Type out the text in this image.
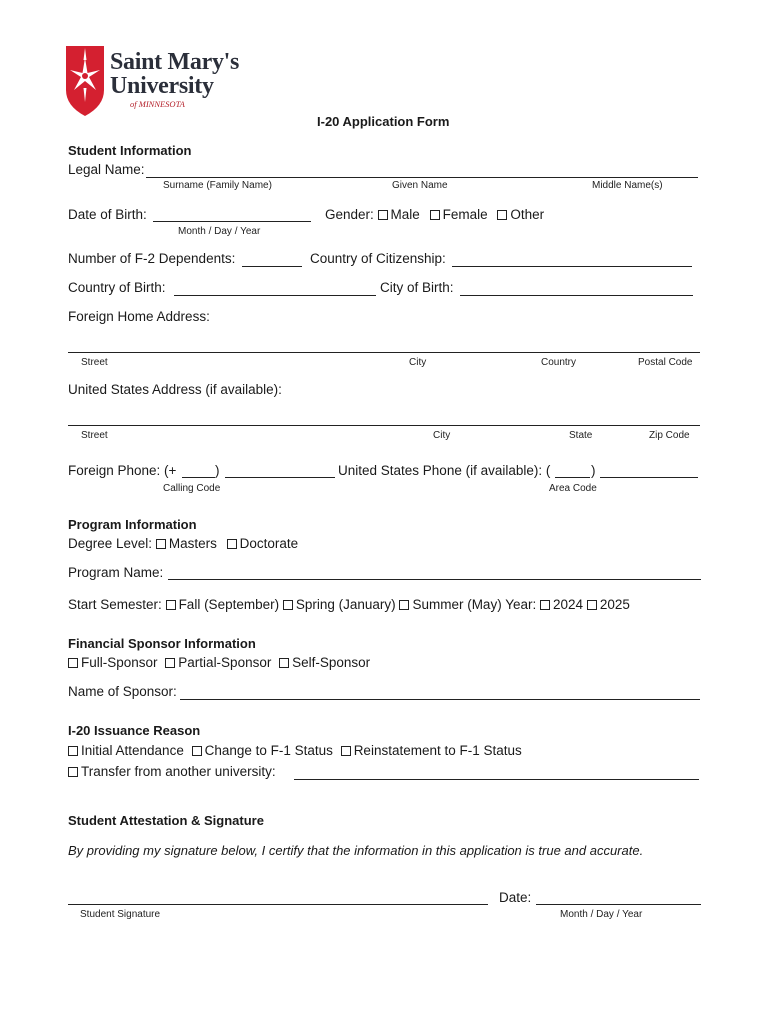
Saint Mary's
University
of MINNESOTA
I-20 Application Form
Student Information
Legal Name:
Surname (Family Name)	Given Name	Middle Name(s)
Date of Birth:
Month / Day / Year
Gender: Male Female Other
Number of F-2 Dependents:	Country of Citizenship:
Country of Birth:	City of Birth:
Foreign Home Address:
Street	City	Country	Postal Code
United States Address (if available):
Street	City	State	Zip Code
Foreign Phone: (+	)
Calling Code
United States Phone (if available): (	)
Area Code
Program Information
Degree Level: Masters Doctorate
Program Name:
Start Semester: Fall (September) Spring (January) Summer (May) Year: 2024 2025
Financial Sponsor Information
Full-Sponsor Partial-Sponsor Self-Sponsor
Name of Sponsor:
I-20 Issuance Reason
Initial Attendance Change to F-1 Status Reinstatement to F-1 Status
Transfer from another university:
Student Attestation & Signature
By providing my signature below, I certify that the information in this application is true and accurate.
Student Signature
Date:
Month / Day / Year
